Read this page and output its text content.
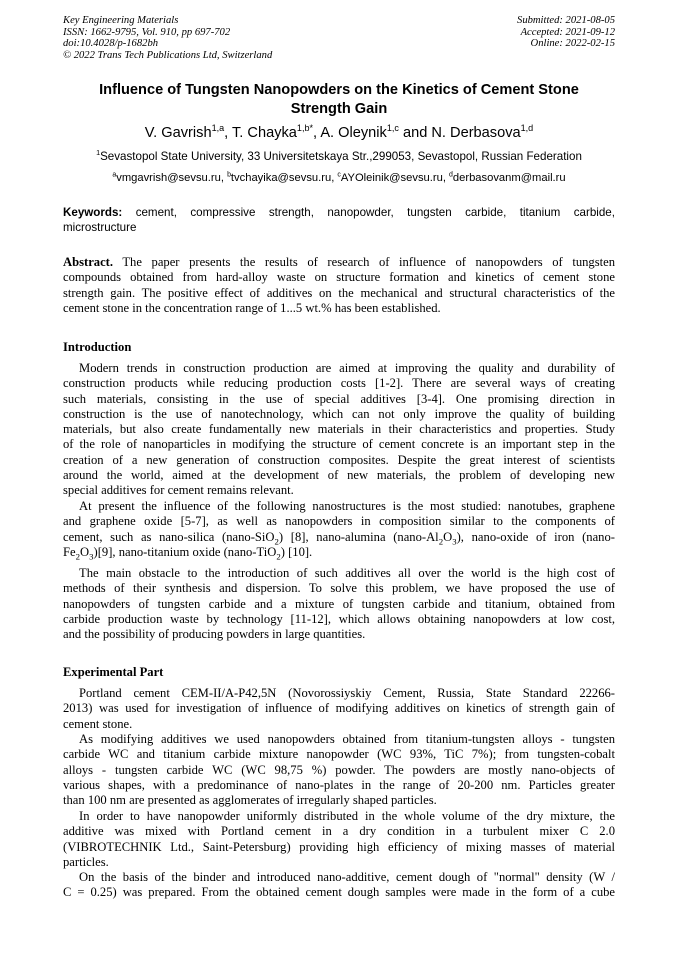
Key Engineering Materials
ISSN: 1662-9795, Vol. 910, pp 697-702
doi:10.4028/p-1682bh
© 2022 Trans Tech Publications Ltd, Switzerland
Submitted: 2021-08-05
Accepted: 2021-09-12
Online: 2022-02-15
Influence of Tungsten Nanopowders on the Kinetics of Cement Stone
Strength Gain
V. Gavrish$^{1,a}$, T. Chayka$^{1,b*}$, A. Oleynik$^{1,c}$ and N. Derbasova$^{1,d}$
$^1$Sevastopol State University, 33 Universitetskaya Str.,299053, Sevastopol, Russian Federation
$^a$vmgavrish@sevsu.ru, $^b$tvchayika@sevsu.ru, $^c$AYOleinik@sevsu.ru, $^d$derbasovanm@mail.ru
Keywords: cement, compressive strength, nanopowder, tungsten carbide, titanium carbide,
microstructure
Abstract. The paper presents the results of research of influence of nanopowders of tungsten
compounds obtained from hard-alloy waste on structure formation and kinetics of cement stone
strength gain. The positive effect of additives on the mechanical and structural characteristics of the
cement stone in the concentration range of 1...5 wt.% has been established.
Introduction
Modern trends in construction production are aimed at improving the quality and durability of
construction products while reducing production costs [1-2]. There are several ways of creating
such materials, consisting in the use of special additives [3-4]. One promising direction in
construction is the use of nanotechnology, which can not only improve the quality of building
materials, but also create fundamentally new materials in their characteristics and properties. Study
of the role of nanoparticles in modifying the structure of cement concrete is an important step in the
creation of a new generation of construction composites. Despite the great interest of scientists
around the world, aimed at the development of new materials, the problem of developing new
special additives for cement remains relevant.
At present the influence of the following nanostructures is the most studied: nanotubes, graphene
and graphene oxide [5-7], as well as nanopowders in composition similar to the components of
cement, such as nano-silica (nano-SiO$_2$) [8], nano-alumina $(nano-Al_2O_3)$, nano-oxide of iron (nano-
$Fe_2O_3)[9]$, nano-titanium oxide (nano-TiO$_2$) [10].
The main obstacle to the introduction of such additives all over the world is the high cost of
methods of their synthesis and dispersion. To solve this problem, we have proposed the use of
nanopowders of tungsten carbide and a mixture of tungsten carbide and titanium, obtained from
carbide production waste by technology [11-12], which allows obtaining nanopowders at low cost,
and the possibility of producing powders in large quantities.
Experimental Part
Portland cement CEM-II/A-P42,5N (Novorossiyskiy Cement, Russia, State Standard 22266-
2013) was used for investigation of influence of modifying additives on kinetics of strength gain of
cement stone.
As modifying additives we used nanopowders obtained from titanium-tungsten alloys - tungsten
carbide WC and titanium carbide mixture nanopowder (WC 93%, TiC 7%); from tungsten-cobalt
alloys - tungsten carbide WC (WC 98,75 %) powder. The powders are mostly nano-objects of
various shapes, with a predominance of nano-plates in the range of 20-200 nm. Particles greater
than 100 nm are presented as agglomerates of irregularly shaped particles.
In order to have nanopowder uniformly distributed in the whole volume of the dry mixture, the
additive was mixed with Portland cement in a dry condition in a turbulent mixer C 2.0
(VIBROTECHNIK Ltd., Saint-Petersburg) providing high efficiency of mixing masses of material
particles.
On the basis of the binder and introduced nano-additive, cement dough of "normal" density (W /
C = 0.25) was prepared. From the obtained cement dough samples were made in the form of a cube
